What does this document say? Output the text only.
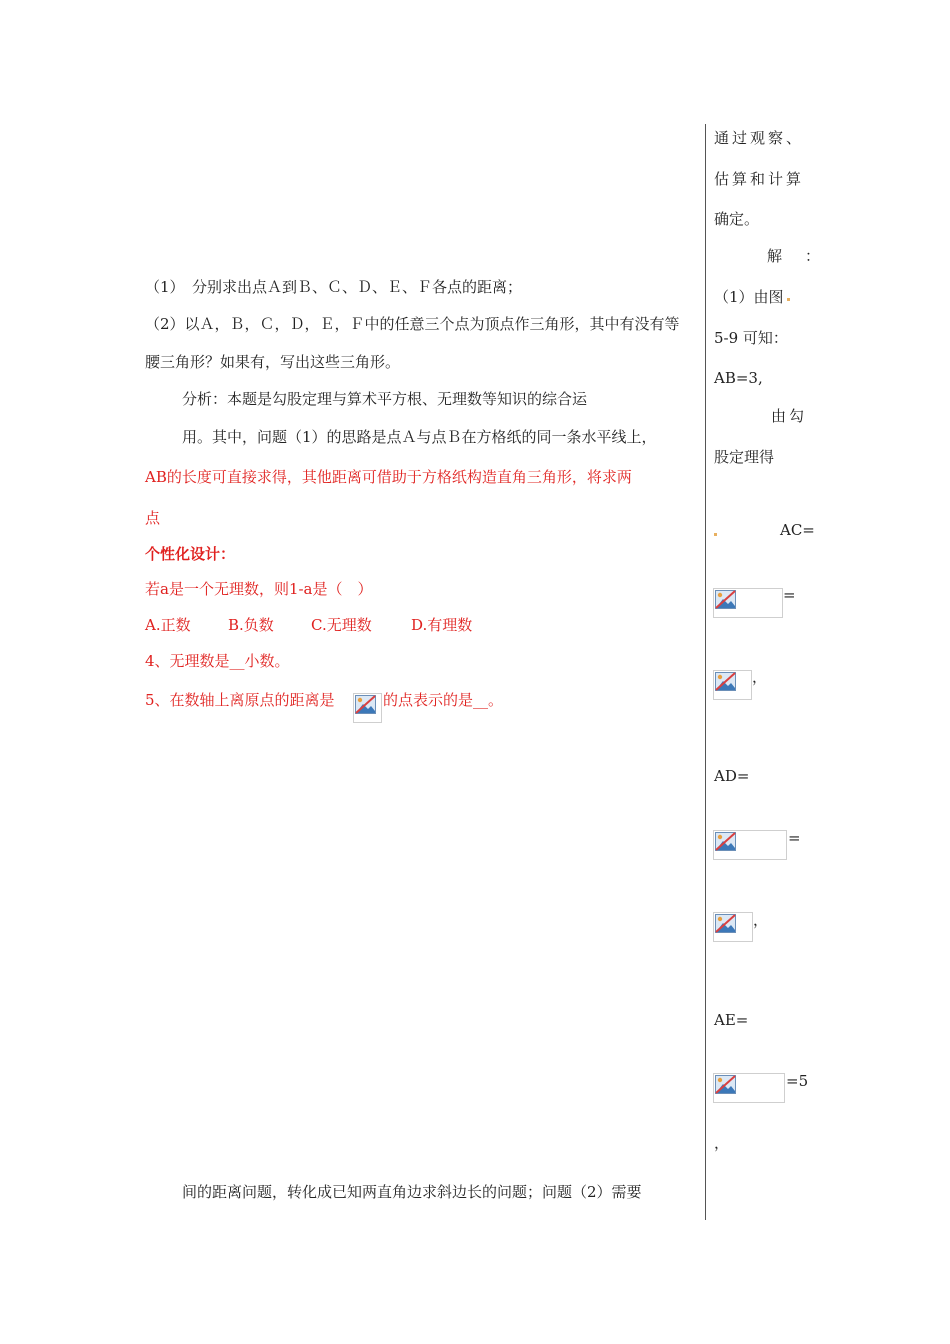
（1）　分别求出点Ａ到Ｂ、Ｃ、Ｄ、Ｅ、Ｆ各点的距离；
（2）以Ａ，Ｂ，Ｃ，Ｄ，Ｅ，Ｆ中的任意三个点为顶点作三角形，其中有没有等
腰三角形？如果有，写出这些三角形。
分析：本题是勾股定理与算术平方根、无理数等知识的综合运
用。其中，问题（1）的思路是点Ａ与点Ｂ在方格纸的同一条水平线上，
AB的长度可直接求得，其他距离可借助于方格纸构造直角三角形，将求两
点
个性化设计：
若a是一个无理数，则1-a是（　）
A.正数 B.负数 C.无理数	D.有理数
4、无理数是__小数。
5、在数轴上离原点的距离是	的点表示的是__。
间的距离问题，转化成已知两直角边求斜边长的问题；问题（2）需要
通过观察、
估算和计算
确定。
解　：
（1）由图
5-9 可知：
AB=3,
由勾
股定理得
AC=
=
，
AD=
=
，
AE=
=5
，
